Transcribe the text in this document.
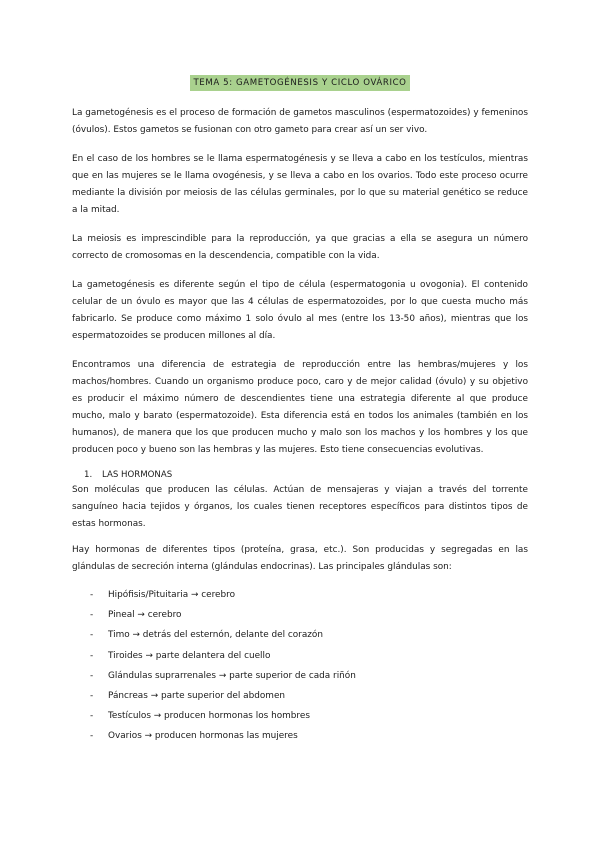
TEMA 5: GAMETOGÉNESIS Y CICLO OVÁRICO

La gametogénesis es el proceso de formación de gametos masculinos (espermatozoides) y femeninos (óvulos). Estos gametos se fusionan con otro gameto para crear así un ser vivo.

En el caso de los hombres se le llama espermatogénesis y se lleva a cabo en los testículos, mientras que en las mujeres se le llama ovogénesis, y se lleva a cabo en los ovarios. Todo este proceso ocurre mediante la división por meiosis de las células germinales, por lo que su material genético se reduce a la mitad.

La meiosis es imprescindible para la reproducción, ya que gracias a ella se asegura un número correcto de cromosomas en la descendencia, compatible con la vida.

La gametogénesis es diferente según el tipo de célula (espermatogonia u ovogonia). El contenido celular de un óvulo es mayor que las 4 células de espermatozoides, por lo que cuesta mucho más fabricarlo. Se produce como máximo 1 solo óvulo al mes (entre los 13-50 años), mientras que los espermatozoides se producen millones al día.

Encontramos una diferencia de estrategia de reproducción entre las hembras/mujeres y los machos/hombres. Cuando un organismo produce poco, caro y de mejor calidad (óvulo) y su objetivo es producir el máximo número de descendientes tiene una estrategia diferente al que produce mucho, malo y barato (espermatozoide). Esta diferencia está en todos los animales (también en los humanos), de manera que los que producen mucho y malo son los machos y los hombres y los que producen poco y bueno son las hembras y las mujeres. Esto tiene consecuencias evolutivas.

1.	LAS HORMONAS

Son moléculas que producen las células. Actúan de mensajeras y viajan a través del torrente sanguíneo hacia tejidos y órganos, los cuales tienen receptores específicos para distintos tipos de estas hormonas.

Hay hormonas de diferentes tipos (proteína, grasa, etc.). Son producidas y segregadas en las glándulas de secreción interna (glándulas endocrinas). Las principales glándulas son:

-	Hipófisis/Pituitaria → cerebro
-	Pineal → cerebro
-	Timo → detrás del esternón, delante del corazón
-	Tiroides → parte delantera del cuello
-	Glándulas suprarrenales → parte superior de cada riñón
-	Páncreas → parte superior del abdomen
-	Testículos → producen hormonas los hombres
-	Ovarios → producen hormonas las mujeres
